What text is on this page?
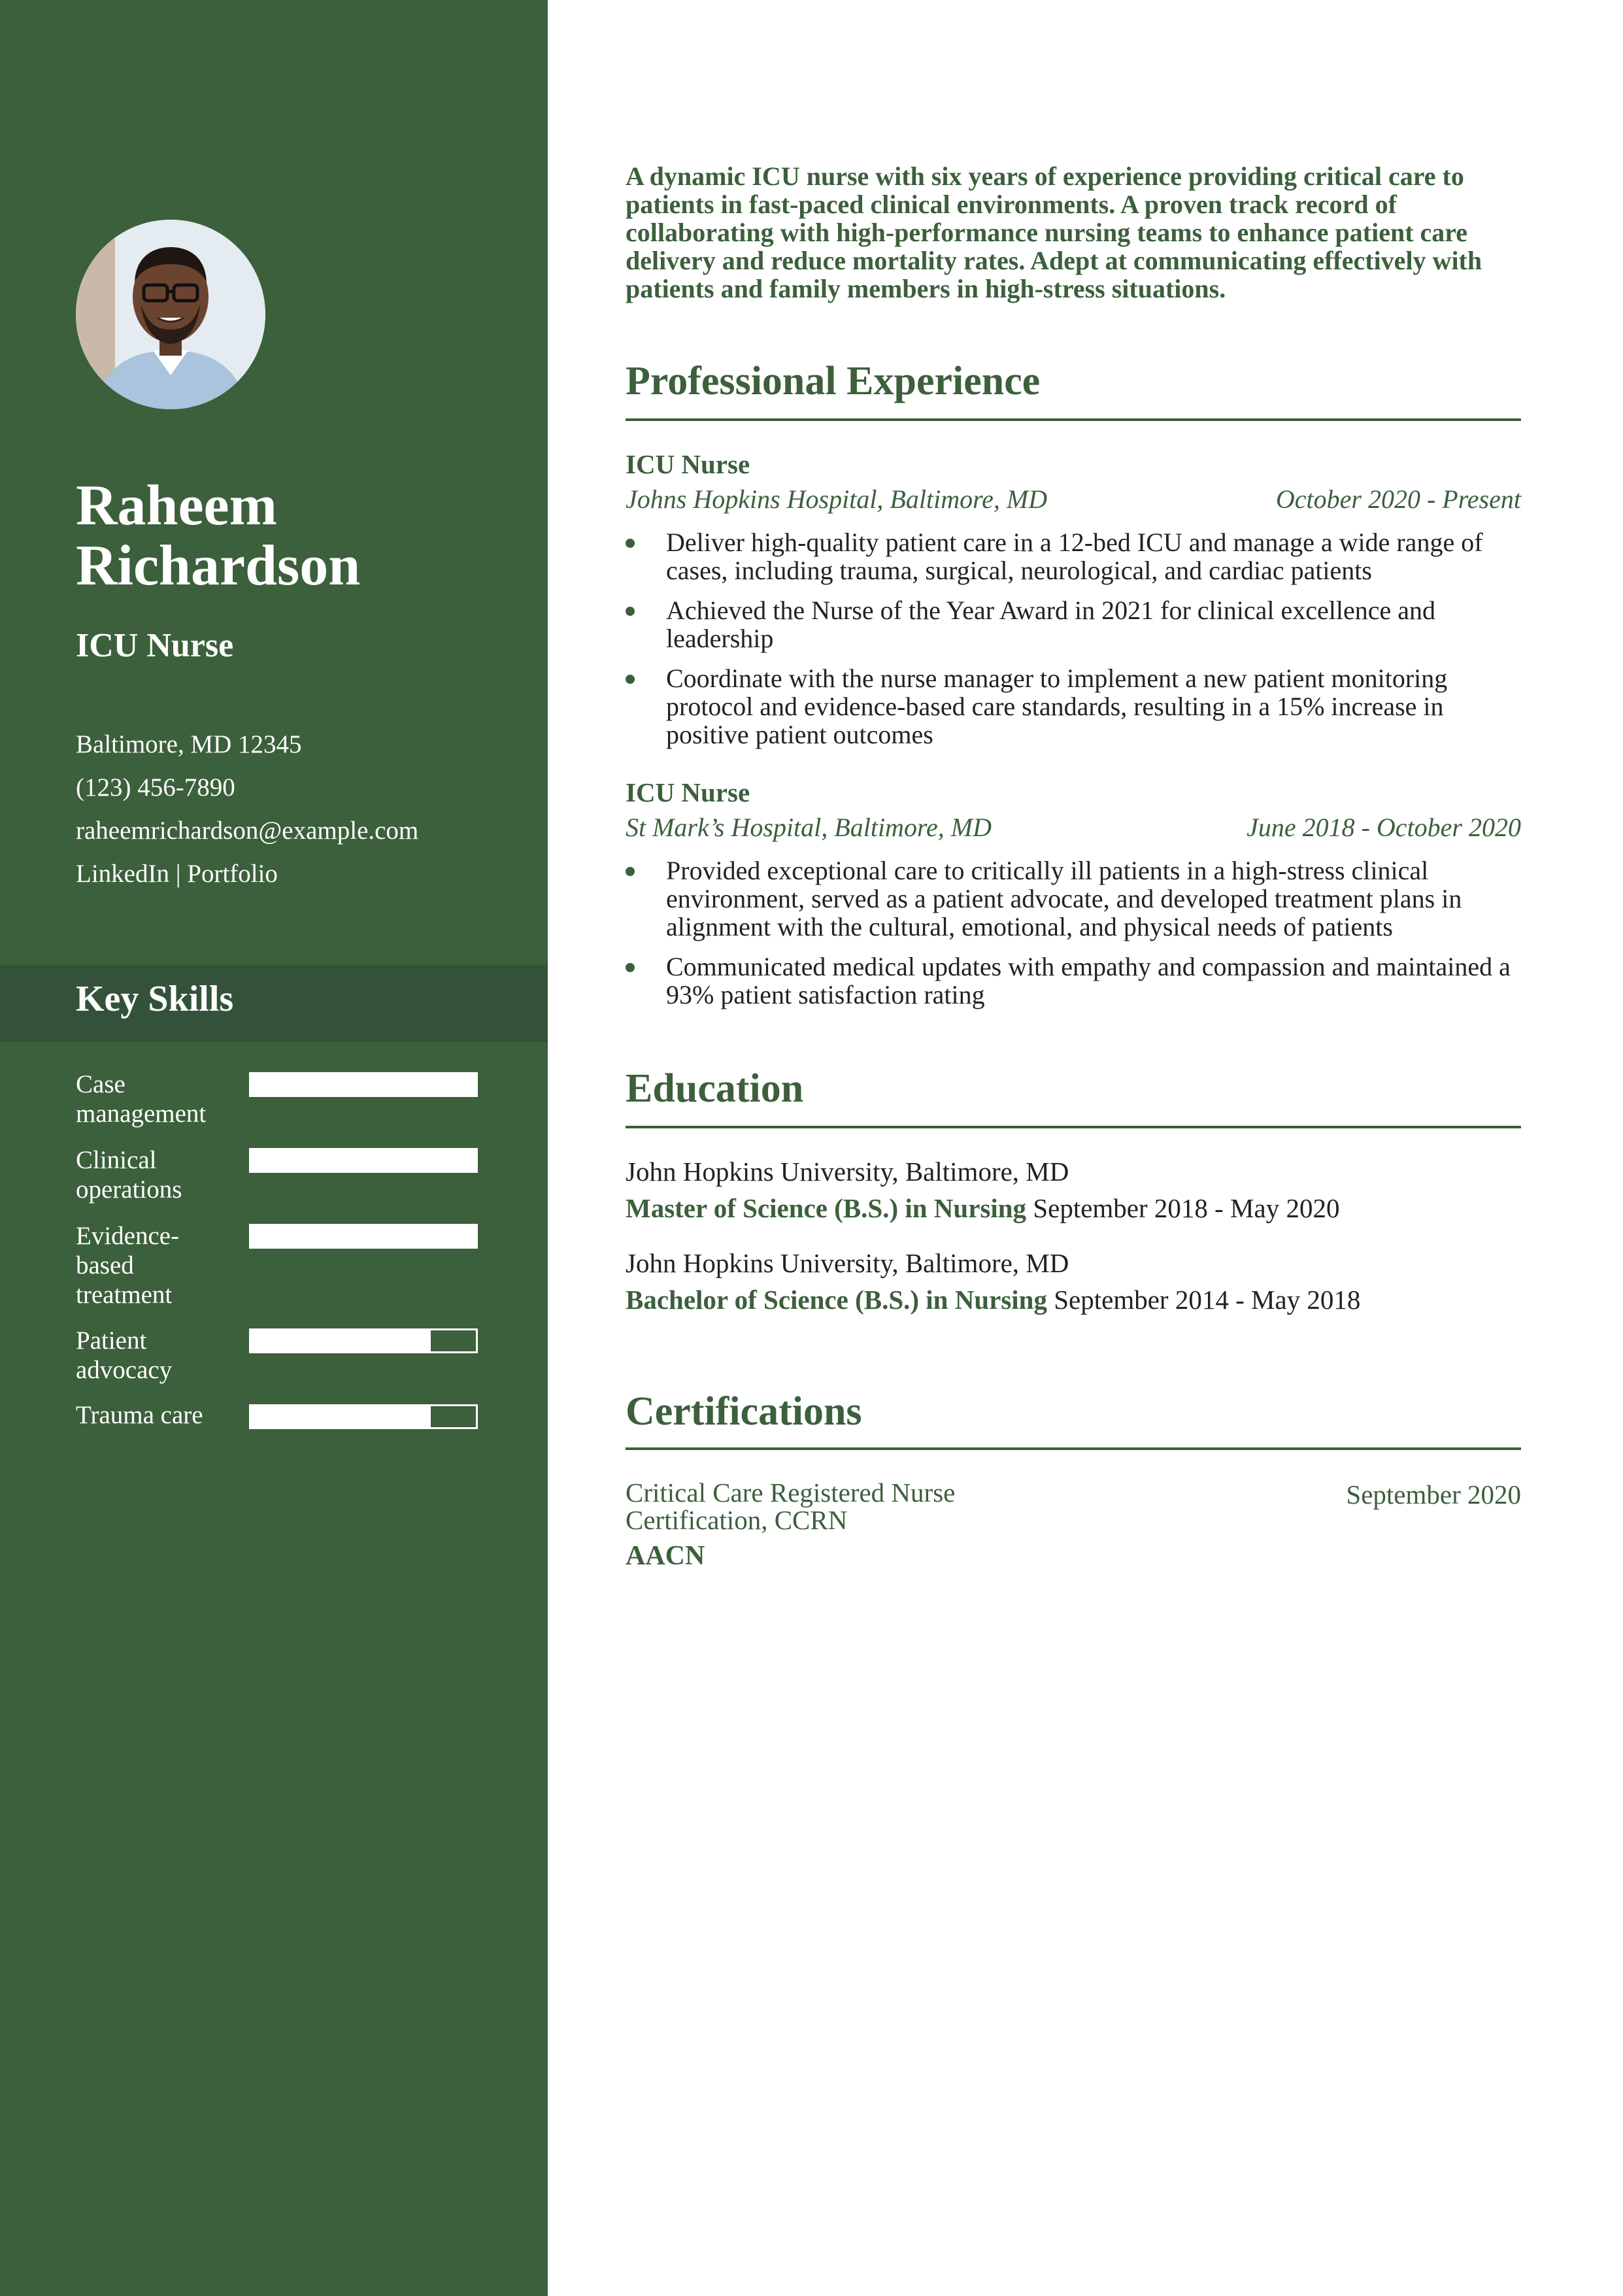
Raheem
Richardson
ICU Nurse
Baltimore, MD 12345
(123) 456-7890
raheemrichardson@example.com
LinkedIn | Portfolio
Key Skills
Case management
Clinical operations
Evidence-based treatment
Patient advocacy
Trauma care
A dynamic ICU nurse with six years of experience providing critical care to patients in fast-paced clinical environments. A proven track record of collaborating with high-performance nursing teams to enhance patient care delivery and reduce mortality rates. Adept at communicating effectively with patients and family members in high-stress situations.
Professional Experience
ICU Nurse
Johns Hopkins Hospital, Baltimore, MD	October 2020 - Present
Deliver high-quality patient care in a 12-bed ICU and manage a wide range of cases, including trauma, surgical, neurological, and cardiac patients
Achieved the Nurse of the Year Award in 2021 for clinical excellence and leadership
Coordinate with the nurse manager to implement a new patient monitoring protocol and evidence-based care standards, resulting in a 15% increase in positive patient outcomes
ICU Nurse
St Mark’s Hospital, Baltimore, MD	June 2018 - October 2020
Provided exceptional care to critically ill patients in a high-stress clinical environment, served as a patient advocate, and developed treatment plans in alignment with the cultural, emotional, and physical needs of patients
Communicated medical updates with empathy and compassion and maintained a 93% patient satisfaction rating
Education
John Hopkins University, Baltimore, MD
Master of Science (B.S.) in Nursing September 2018 - May 2020
John Hopkins University, Baltimore, MD
Bachelor of Science (B.S.) in Nursing September 2014 - May 2018
Certifications
Critical Care Registered Nurse Certification, CCRN
September 2020
AACN
